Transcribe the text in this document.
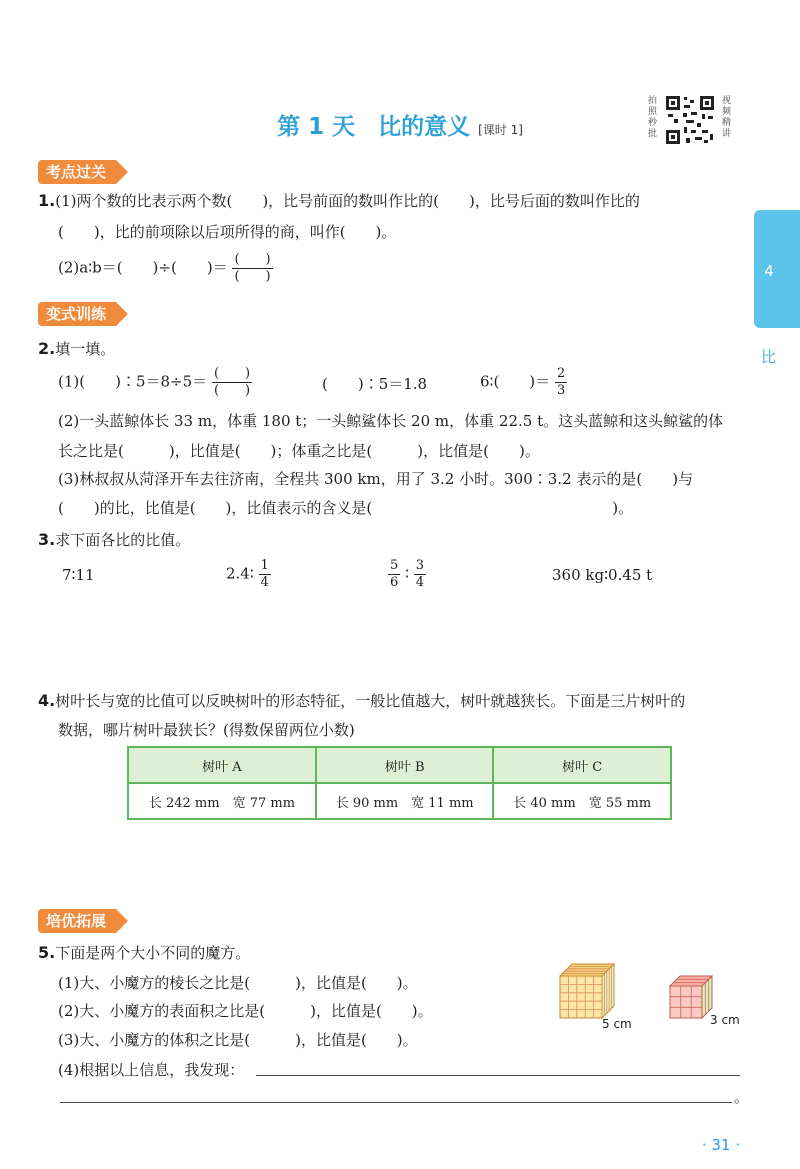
第 1 天　比的意义 [课时 1]
拍
照
秒
批
视
频
精
讲
4
比
考点过关
1.(1)两个数的比表示两个数(　　)，比号前面的数叫作比的(　　)，比号后面的数叫作比的
(　　)，比的前项除以后项所得的商，叫作(　　)。
(2)a∶b＝(　　)÷(　　)＝ $\frac{( )}{( )}$
变式训练
2.填一填。
(1)(　　)∶5＝8÷5＝ $\frac{( )}{( )}$	(　　)∶5＝1.8	6∶(　　)＝ $\frac{2}{3}$
(2)一头蓝鲸体长 33 m，体重 180 t；一头鲸鲨体长 20 m，体重 22.5 t。这头蓝鲸和这头鲸鲨的体
长之比是(　　　)，比值是(　　)；体重之比是(　　　)，比值是(　　)。
(3)林叔叔从菏泽开车去往济南，全程共 300 km，用了 3.2 小时。300∶3.2 表示的是(　　)与
(　　)的比，比值是(　　)，比值表示的含义是(　　　　　　　　　　　　　　　　)。
3.求下面各比的比值。
7∶11	2.4∶ $\frac{1}{4}$	$\frac{5}{6}$ ∶ $\frac{3}{4}$	360 kg∶0.45 t
4.树叶长与宽的比值可以反映树叶的形态特征，一般比值越大，树叶就越狭长。下面是三片树叶的
数据，哪片树叶最狭长？(得数保留两位小数)
树叶 A	树叶 B	树叶 C
长 242 mm　宽 77 mm	长 90 mm　宽 11 mm	长 40 mm　宽 55 mm
培优拓展
5.下面是两个大小不同的魔方。
(1)大、小魔方的棱长之比是(　　　)，比值是(　　)。
(2)大、小魔方的表面积之比是(　　　)，比值是(　　)。
(3)大、小魔方的体积之比是(　　　)，比值是(　　)。
(4)根据以上信息，我发现：
。
5 cm	3 cm
· 31 ·
